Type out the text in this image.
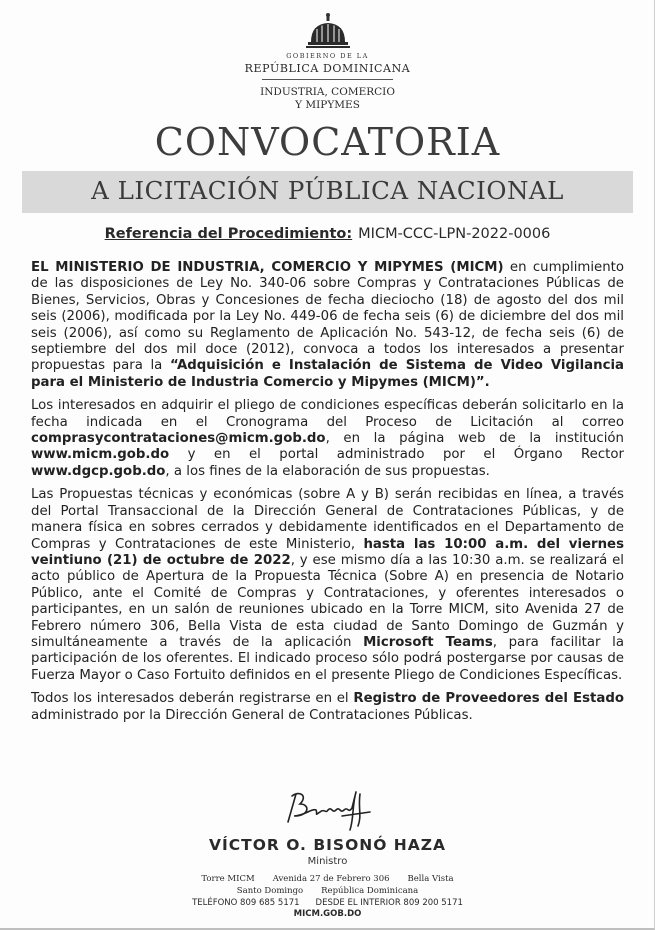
GOBIERNO DE LA
REPÚBLICA DOMINICANA
INDUSTRIA, COMERCIO
Y MIPYMES
CONVOCATORIA
A LICITACIÓN PÚBLICA NACIONAL
Referencia del Procedimiento: MICM-CCC-LPN-2022-0006

EL MINISTERIO DE INDUSTRIA, COMERCIO Y MIPYMES (MICM) en cumplimiento de las disposiciones de Ley No. 340-06 sobre Compras y Contrataciones Públicas de Bienes, Servicios, Obras y Concesiones de fecha dieciocho (18) de agosto del dos mil seis (2006), modificada por la Ley No. 449-06 de fecha seis (6) de diciembre del dos mil seis (2006), así como su Reglamento de Aplicación No. 543-12, de fecha seis (6) de septiembre del dos mil doce (2012), convoca a todos los interesados a presentar propuestas para la “Adquisición e Instalación de Sistema de Video Vigilancia para el Ministerio de Industria Comercio y Mipymes (MICM)”.

Los interesados en adquirir el pliego de condiciones específicas deberán solicitarlo en la fecha indicada en el Cronograma del Proceso de Licitación al correo comprasycontrataciones@micm.gob.do, en la página web de la institución www.micm.gob.do y en el portal administrado por el Órgano Rector www.dgcp.gob.do, a los fines de la elaboración de sus propuestas.

Las Propuestas técnicas y económicas (sobre A y B) serán recibidas en línea, a través del Portal Transaccional de la Dirección General de Contrataciones Públicas, y de manera física en sobres cerrados y debidamente identificados en el Departamento de Compras y Contrataciones de este Ministerio, hasta las 10:00 a.m. del viernes veintiuno (21) de octubre de 2022, y ese mismo día a las 10:30 a.m. se realizará el acto público de Apertura de la Propuesta Técnica (Sobre A) en presencia de Notario Público, ante el Comité de Compras y Contrataciones, y oferentes interesados o participantes, en un salón de reuniones ubicado en la Torre MICM, sito Avenida 27 de Febrero número 306, Bella Vista de esta ciudad de Santo Domingo de Guzmán y simultáneamente a través de la aplicación Microsoft Teams, para facilitar la participación de los oferentes. El indicado proceso sólo podrá postergarse por causas de Fuerza Mayor o Caso Fortuito definidos en el presente Pliego de Condiciones Específicas.

Todos los interesados deberán registrarse en el Registro de Proveedores del Estado administrado por la Dirección General de Contrataciones Públicas.

VÍCTOR O. BISONÓ HAZA
Ministro
Torre MICM Avenida 27 de Febrero 306 Bella Vista
Santo Domingo República Dominicana
TELÉFONO 809 685 5171 DESDE EL INTERIOR 809 200 5171
MICM.GOB.DO
